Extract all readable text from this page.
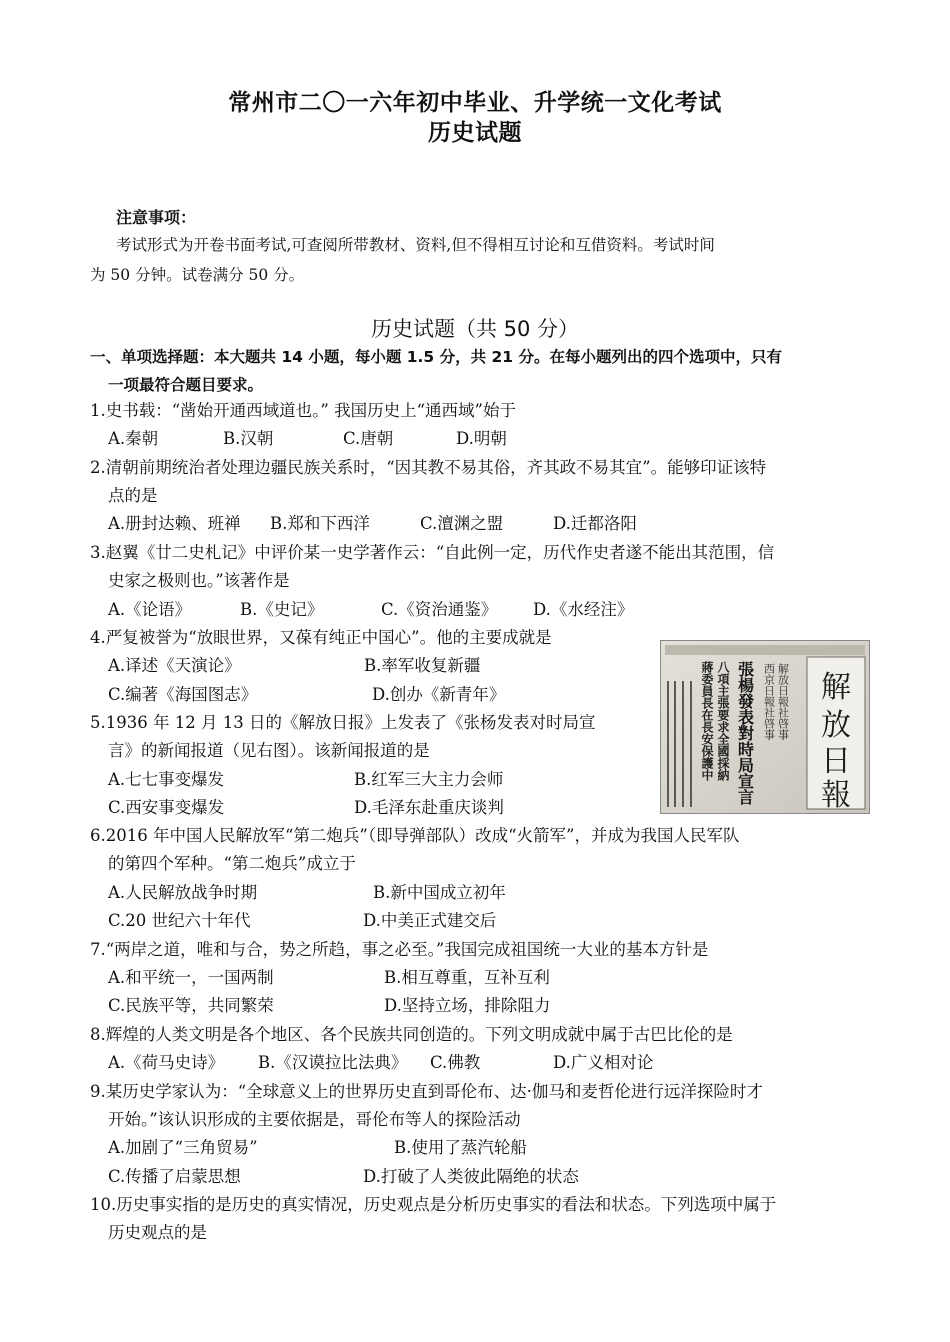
常州市二〇一六年初中毕业、升学统一文化考试
历史试题
注意事项：
考试形式为开卷书面考试,可查阅所带教材、资料,但不得相互讨论和互借资料。考试时间
为 50 分钟。试卷满分 50 分。
历史试题（共 50 分）
一、单项选择题：本大题共 14 小题，每小题 1.5 分，共 21 分。在每小题列出的四个选项中，只有
一项最符合题目要求。
1.史书载：“凿始开通西域道也。” 我国历史上“通西域”始于
A.秦朝	B.汉朝	C.唐朝	D.明朝
2.清朝前期统治者处理边疆民族关系时，“因其教不易其俗，齐其政不易其宜”。能够印证该特
点的是
A.册封达赖、班禅 B.郑和下西洋	C.澶渊之盟	D.迁都洛阳
3.赵翼《廿二史札记》中评价某一史学著作云：“自此例一定，历代作史者遂不能出其范围，信
史家之极则也。”该著作是
A.《论语》	B.《史记》	C.《资治通鉴》 D.《水经注》
4.严复被誉为“放眼世界，又葆有纯正中国心”。他的主要成就是
A.译述《天演论》	B.率军收复新疆
C.编著《海国图志》	D.创办《新青年》
5.1936 年 12 月 13 日的《解放日报》上发表了《张杨发表对时局宣
言》的新闻报道（见右图）。该新闻报道的是
A.七七事变爆发	B.红军三大主力会师
C.西安事变爆发	D.毛泽东赴重庆谈判
解
放
日
報
解放日報社啓事
西京日報社啓事
張楊發表對時局宣言
八項主張要求全國採納
蔣委員長在長安保護中
6.2016 年中国人民解放军“第二炮兵”（即导弹部队）改成“火箭军”，并成为我国人民军队
的第四个军种。“第二炮兵”成立于
A.人民解放战争时期	B.新中国成立初年
C.20 世纪六十年代	D.中美正式建交后
7.“两岸之道，唯和与合，势之所趋，事之必至。”我国完成祖国统一大业的基本方针是
A.和平统一，一国两制	B.相互尊重，互补互利
C.民族平等，共同繁荣	D.坚持立场，排除阻力
8.辉煌的人类文明是各个地区、各个民族共同创造的。下列文明成就中属于古巴比伦的是
A.《荷马史诗》 B.《汉谟拉比法典》 C.佛教	D.广义相对论
9.某历史学家认为：“全球意义上的世界历史直到哥伦布、达·伽马和麦哲伦进行远洋探险时才
开始。”该认识形成的主要依据是，哥伦布等人的探险活动
A.加剧了“三角贸易”	B.使用了蒸汽轮船
C.传播了启蒙思想	D.打破了人类彼此隔绝的状态
10.历史事实指的是历史的真实情况，历史观点是分析历史事实的看法和状态。下列选项中属于
历史观点的是
